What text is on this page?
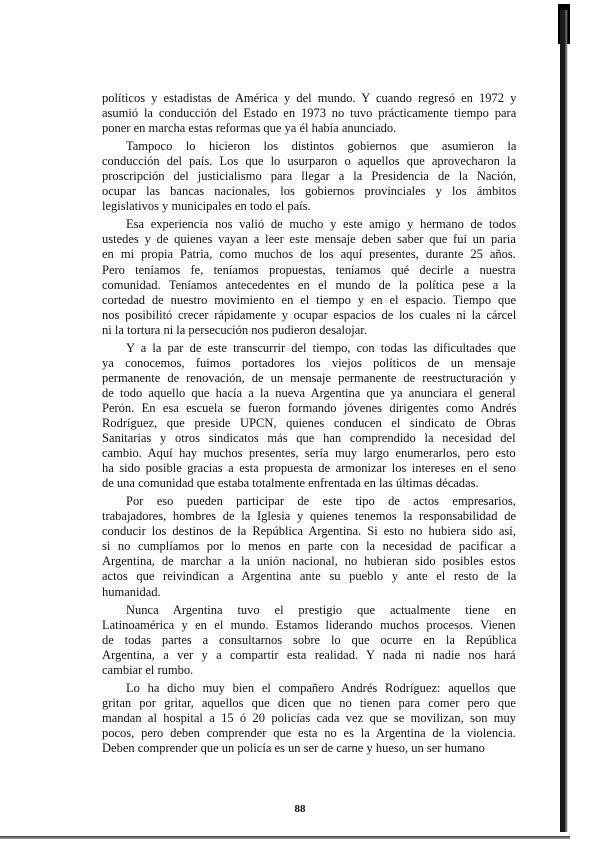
políticos y estadistas de América y del mundo. Y cuando regresó en 1972 y
asumió la conducción del Estado en 1973 no tuvo prácticamente tiempo para
poner en marcha estas reformas que ya él había anunciado.
Tampoco lo hicieron los distintos gobiernos que asumieron la
conducción del país. Los que lo usurparon o aquellos que aprovecharon la
proscripción del justicialismo para llegar a la Presidencia de la Nación,
ocupar las bancas nacionales, los gobiernos provinciales y los ámbitos
legislativos y municipales en todo el país.
Esa experiencia nos valió de mucho y este amigo y hermano de todos
ustedes y de quienes vayan a leer este mensaje deben saber que fui un paria
en mi propia Patria, como muchos de los aquí presentes, durante 25 años.
Pero teníamos fe, teníamos propuestas, teníamos qué decirle a nuestra
comunidad. Teníamos antecedentes en el mundo de la política pese a la
cortedad de nuestro movimiento en el tiempo y en el espacio. Tiempo que
nos posibilitó crecer rápidamente y ocupar espacios de los cuales ni la cárcel
ni la tortura ni la persecución nos pudieron desalojar.
Y a la par de este transcurrir del tiempo, con todas las dificultades que
ya conocemos, fuimos portadores los viejos políticos de un mensaje
permanente de renovación, de un mensaje permanente de reestructuración y
de todo aquello que hacía a la nueva Argentina que ya anunciara el general
Perón. En esa escuela se fueron formando jóvenes dirigentes como Andrés
Rodríguez, que preside UPCN, quienes conducen el sindicato de Obras
Sanitarias y otros sindicatos más que han comprendido la necesidad del
cambio. Aquí hay muchos presentes, sería muy largo enumerarlos, pero esto
ha sido posible gracias a esta propuesta de armonizar los intereses en el seno
de una comunidad que estaba totalmente enfrentada en las últimas décadas.
Por eso pueden participar de este tipo de actos empresarios,
trabajadores, hombres de la Iglesia y quienes tenemos la responsabilidad de
conducir los destinos de la República Argentina. Si esto no hubiera sido así,
si no cumplíamos por lo menos en parte con la necesidad de pacificar a
Argentina, de marchar a la unión nacional, no hubieran sido posibles estos
actos que reivindican a Argentina ante su pueblo y ante el resto de la
humanidad.
Nunca Argentina tuvo el prestigio que actualmente tiene en
Latinoamérica y en el mundo. Estamos liderando muchos procesos. Vienen
de todas partes a consultarnos sobre lo que ocurre en la República
Argentina, a ver y a compartir esta realidad. Y nada ni nadie nos hará
cambiar el rumbo.
Lo ha dicho muy bien el compañero Andrés Rodríguez: aquellos que
gritan por gritar, aquellos que dicen que no tienen para comer pero que
mandan al hospital a 15 ó 20 policías cada vez que se movilizan, son muy
pocos, pero deben comprender que esta no es la Argentina de la violencia.
Deben comprender que un policía es un ser de carne y hueso, un ser humano
88
